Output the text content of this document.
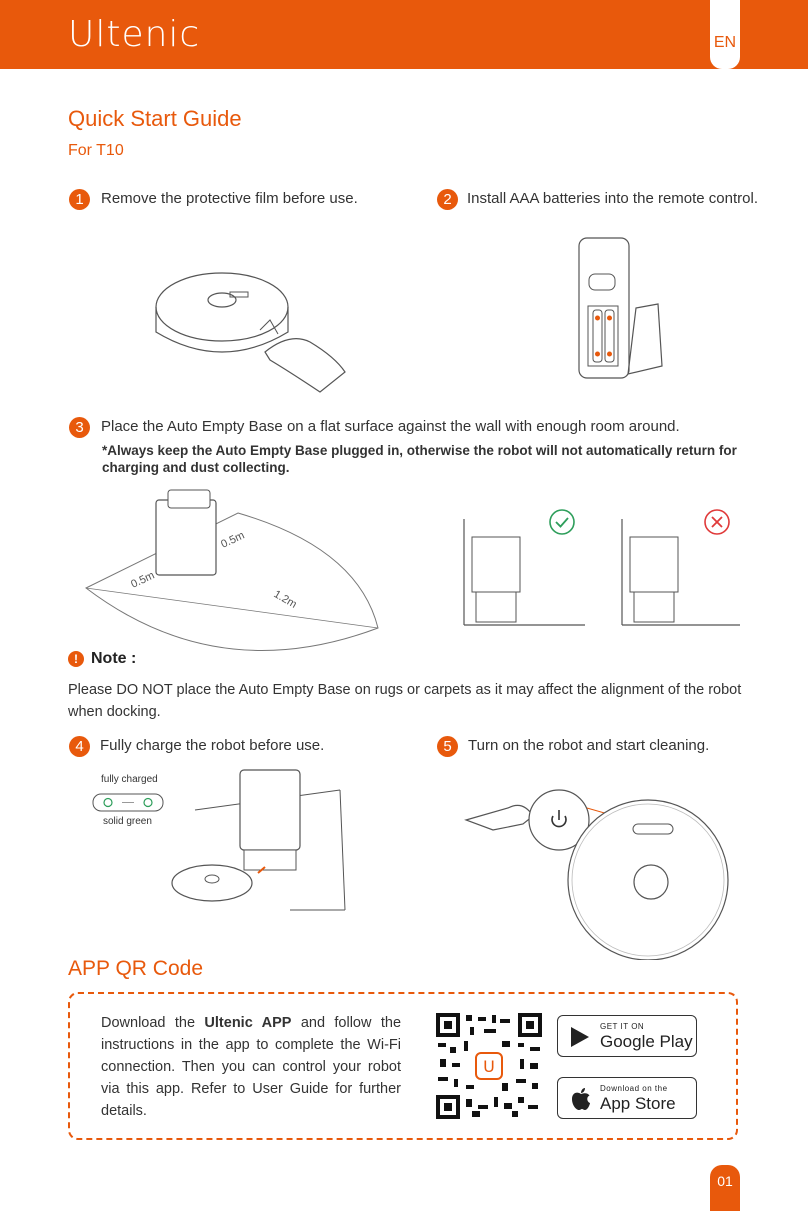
Ultenic	EN
Quick Start Guide
For T10
1	Remove the protective film before use.	2	Install AAA batteries into the remote control.
3	Place the Auto Empty Base on a flat surface against the wall with enough room around.
*Always keep the Auto Empty Base plugged in, otherwise the robot will not automatically return for charging and dust collecting.
0.5m
0.5m
1.2m
! Note :
Please DO NOT place the Auto Empty Base on rugs or carpets as it may affect the alignment of the robot when docking.
4	Fully charge the robot before use.	5	Turn on the robot and start cleaning.
fully charged
solid green
APP QR Code
Download the Ultenic APP and follow the instructions in the app to complete the Wi-Fi connection. Then you can control your robot via this app. Refer to User Guide for further details.
U
GET IT ON
Google Play
Download on the
App Store
01
